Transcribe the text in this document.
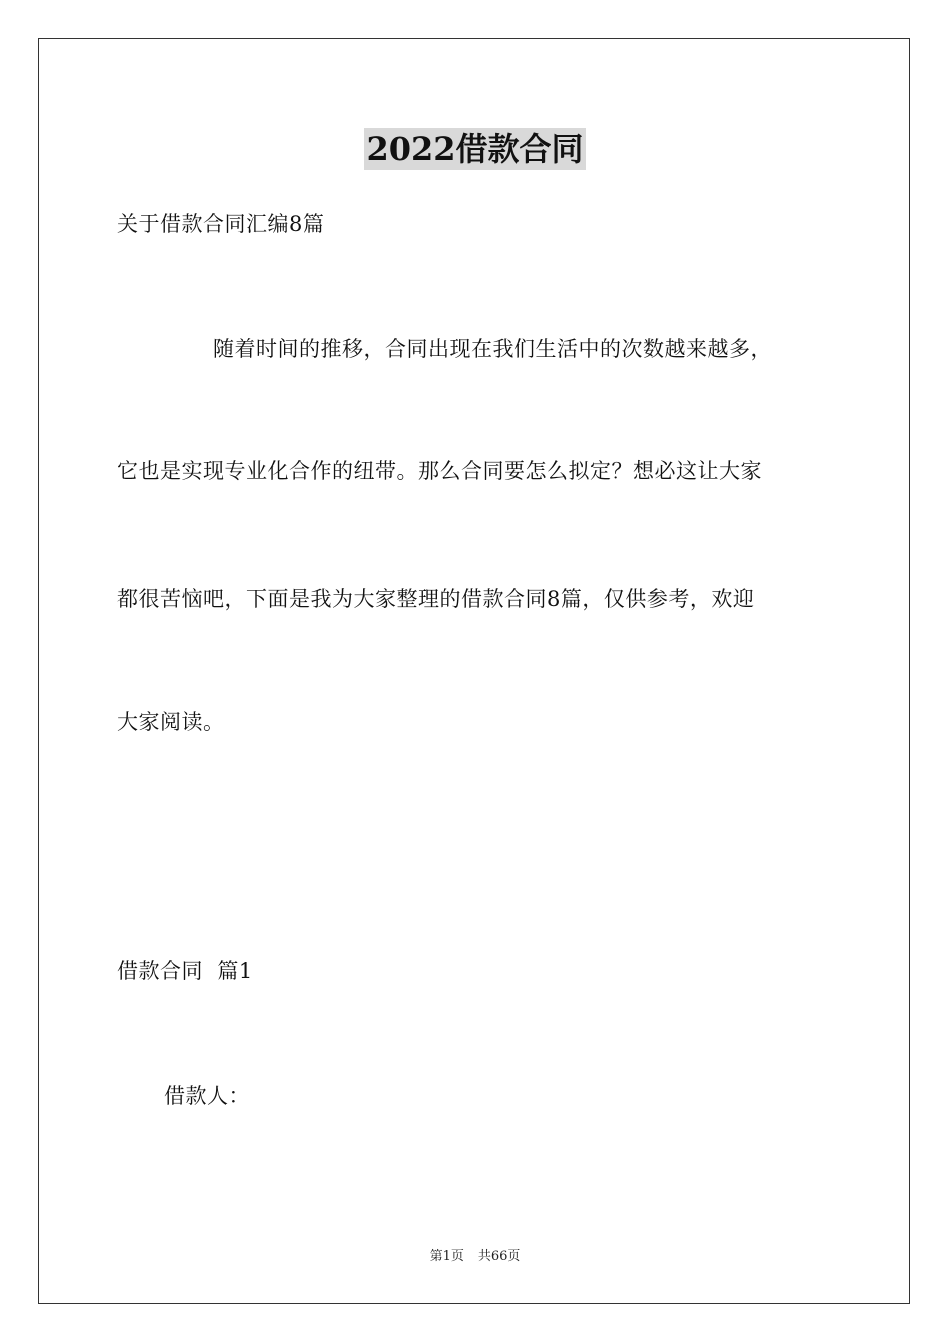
2022借款合同
关于借款合同汇编8篇
随着时间的推移，合同出现在我们生活中的次数越来越多，
它也是实现专业化合作的纽带。那么合同要怎么拟定？想必这让大家
都很苦恼吧，下面是我为大家整理的借款合同8篇，仅供参考，欢迎
大家阅读。
借款合同  篇1
借款人：
第1页 共66页
